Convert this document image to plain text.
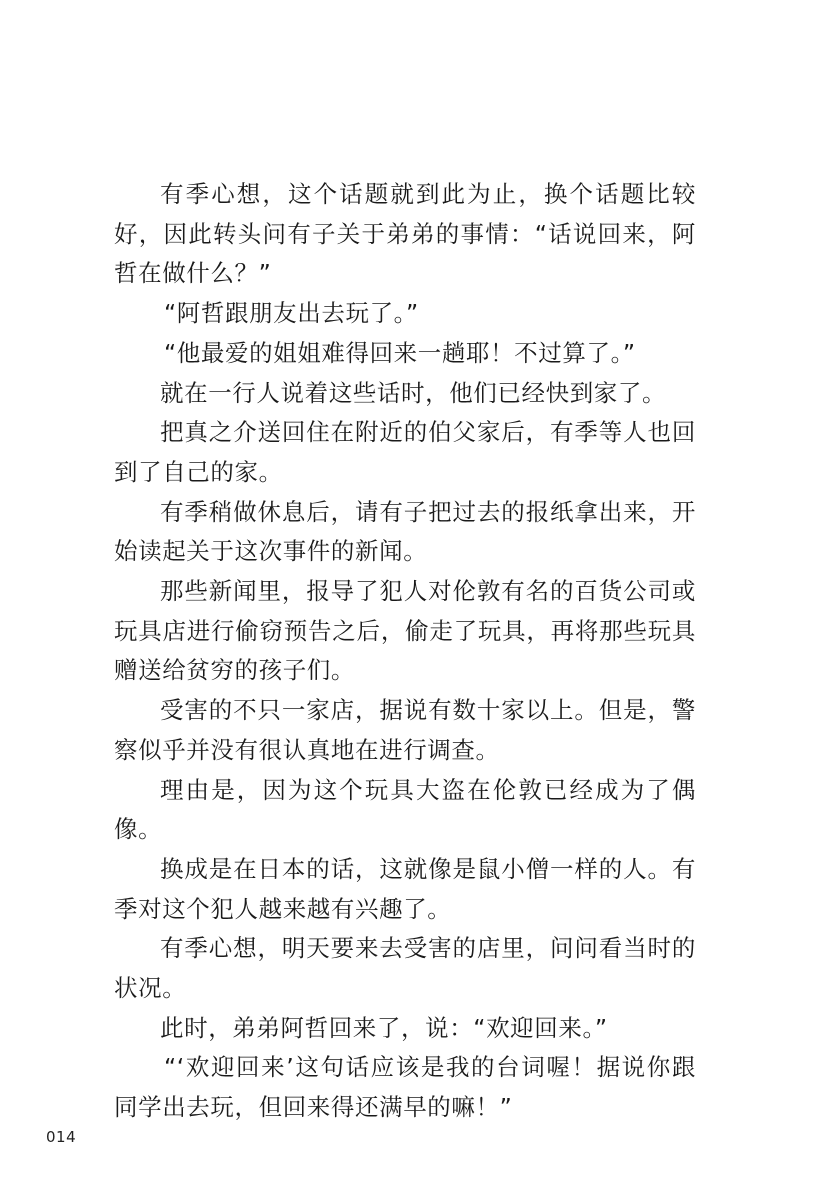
有季心想，这个话题就到此为止，换个话题比较好，因此转头问有子关于弟弟的事情：“话说回来，阿哲在做什么？”

“阿哲跟朋友出去玩了。”

“他最爱的姐姐难得回来一趟耶！不过算了。”

就在一行人说着这些话时，他们已经快到家了。

把真之介送回住在附近的伯父家后，有季等人也回到了自己的家。

有季稍做休息后，请有子把过去的报纸拿出来，开始读起关于这次事件的新闻。

那些新闻里，报导了犯人对伦敦有名的百货公司或玩具店进行偷窃预告之后，偷走了玩具，再将那些玩具赠送给贫穷的孩子们。

受害的不只一家店，据说有数十家以上。但是，警察似乎并没有很认真地在进行调查。

理由是，因为这个玩具大盗在伦敦已经成为了偶像。

换成是在日本的话，这就像是鼠小僧一样的人。有季对这个犯人越来越有兴趣了。

有季心想，明天要来去受害的店里，问问看当时的状况。

此时，弟弟阿哲回来了，说：“欢迎回来。”

“‘欢迎回来’这句话应该是我的台词喔！据说你跟同学出去玩，但回来得还满早的嘛！”

014
